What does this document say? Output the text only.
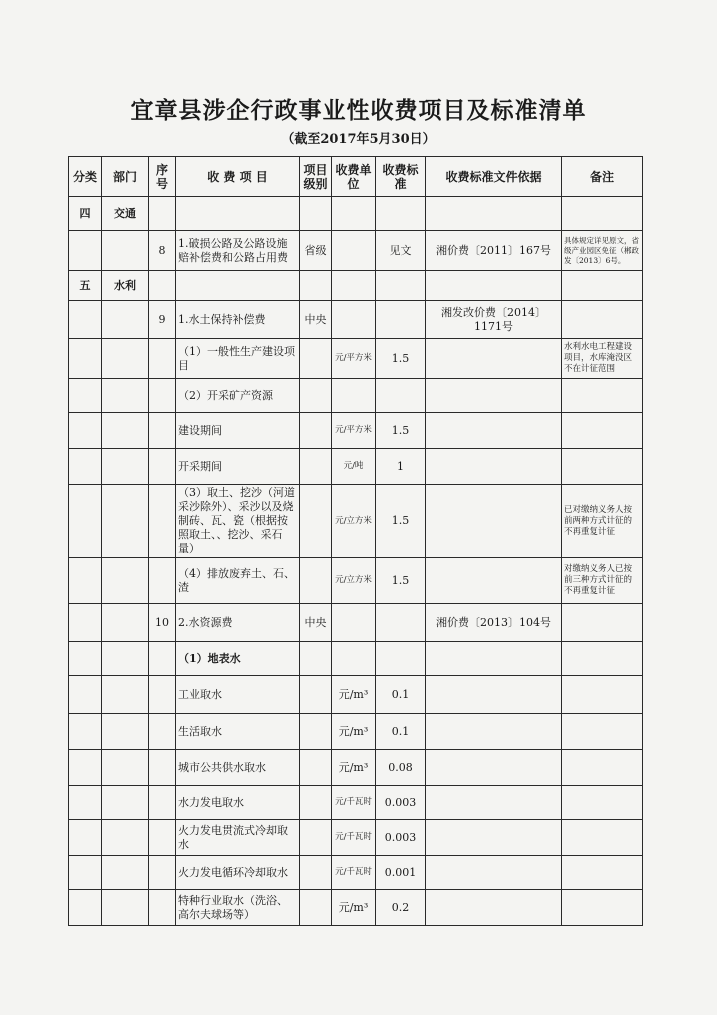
宜章县涉企行政事业性收费项目及标准清单
（截至2017年5月30日）
分类	部门	序号	收 费 项 目	项目级别	收费单位	收费标准	收费标准文件依据	备注
四	交通							
		8	1.破损公路及公路设施赔补偿费和公路占用费	省级		见文	湘价费〔2011〕167号	具体规定详见原文，省级产业园区免征（郴政发〔2013〕6号。
五	水利							
		9	1.水土保持补偿费	中央			湘发改价费〔2014〕1171号	
			（1）一般性生产建设项目		元/平方米	1.5		水利水电工程建设项目，水库淹没区不在计征范围
			（2）开采矿产资源					
			建设期间		元/平方米	1.5		
			开采期间		元/吨	1		
			（3）取土、挖沙（河道采沙除外）、采沙以及烧制砖、瓦、瓷（根据按照取土、、挖沙、采石量）		元/立方米	1.5		已对缴纳义务人按前两种方式计征的不再重复计征
			（4）排放废弃土、石、渣		元/立方米	1.5		对缴纳义务人已按前三种方式计征的不再重复计征
		10	2.水资源费	中央			湘价费〔2013〕104号	
			（1）地表水					
			工业取水		元/m³	0.1		
			生活取水		元/m³	0.1		
			城市公共供水取水		元/m³	0.08		
			水力发电取水		元/千瓦时	0.003		
			火力发电贯流式冷却取水		元/千瓦时	0.003		
			火力发电循环冷却取水		元/千瓦时	0.001		
			特种行业取水（洗浴、高尔夫球场等）		元/m³	0.2		
